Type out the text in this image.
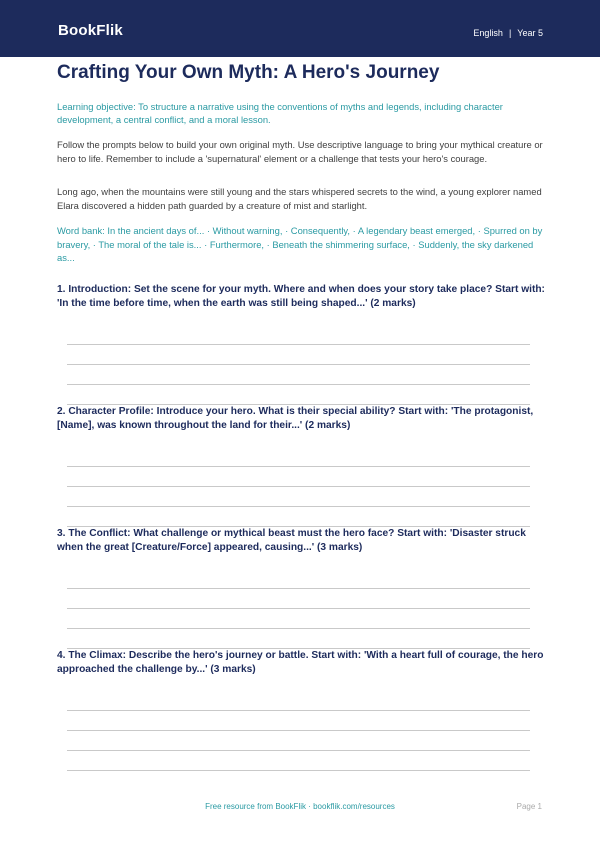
BookFlik	English | Year 5
Crafting Your Own Myth: A Hero's Journey
Learning objective: To structure a narrative using the conventions of myths and legends, including character development, a central conflict, and a moral lesson.
Follow the prompts below to build your own original myth. Use descriptive language to bring your mythical creature or hero to life. Remember to include a 'supernatural' element or a challenge that tests your hero's courage.
Long ago, when the mountains were still young and the stars whispered secrets to the wind, a young explorer named Elara discovered a hidden path guarded by a creature of mist and starlight.
Word bank: In the ancient days of... · Without warning, · Consequently, · A legendary beast emerged, · Spurred on by bravery, · The moral of the tale is... · Furthermore, · Beneath the shimmering surface, · Suddenly, the sky darkened as...
1. Introduction: Set the scene for your myth. Where and when does your story take place? Start with: 'In the time before time, when the earth was still being shaped...' (2 marks)
2. Character Profile: Introduce your hero. What is their special ability? Start with: 'The protagonist, [Name], was known throughout the land for their...' (2 marks)
3. The Conflict: What challenge or mythical beast must the hero face? Start with: 'Disaster struck when the great [Creature/Force] appeared, causing...' (3 marks)
4. The Climax: Describe the hero's journey or battle. Start with: 'With a heart full of courage, the hero approached the challenge by...' (3 marks)
Free resource from BookFlik · bookflik.com/resources	Page 1
